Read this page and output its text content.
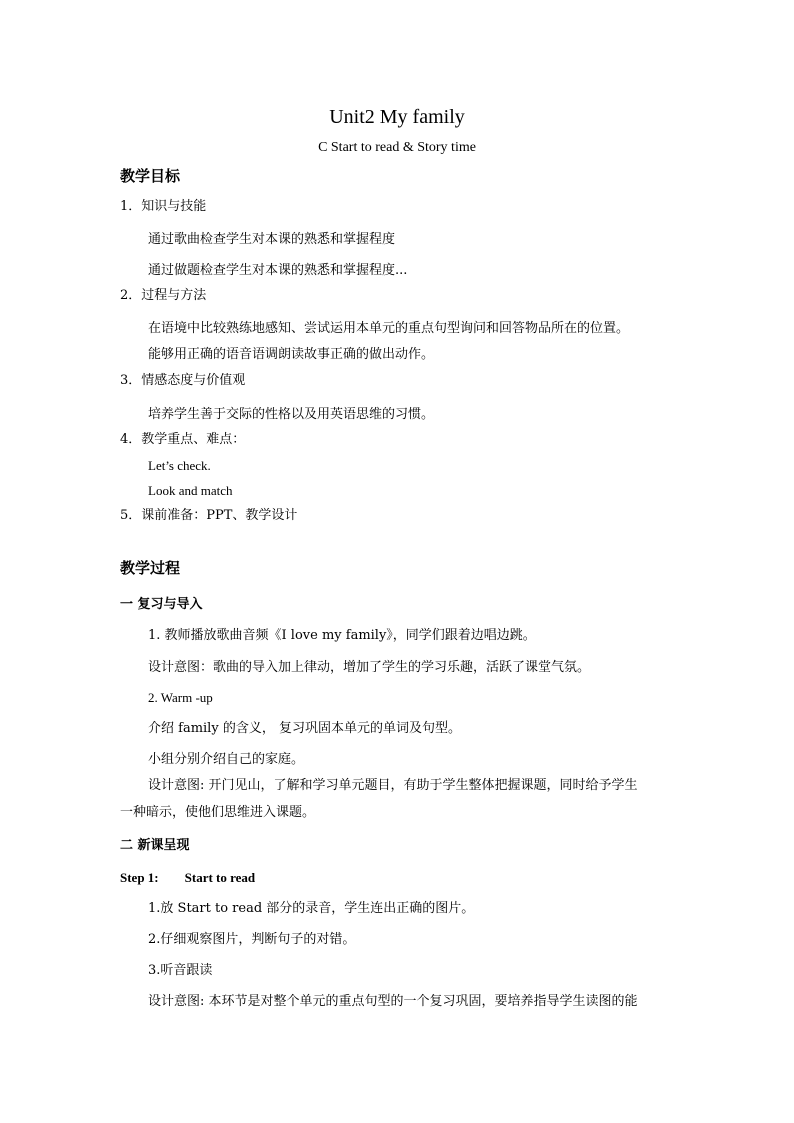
Unit2 My family
C Start to read & Story time
教学目标
1．知识与技能
通过歌曲检查学生对本课的熟悉和掌握程度
通过做题检查学生对本课的熟悉和掌握程度...
2．过程与方法
在语境中比较熟练地感知、尝试运用本单元的重点句型询问和回答物品所在的位置。
能够用正确的语音语调朗读故事正确的做出动作。
3．情感态度与价值观
培养学生善于交际的性格以及用英语思维的习惯。
4．教学重点、难点：
Let’s check.
Look and match
5．课前准备：PPT、教学设计
教学过程
一 复习与导入
1. 教师播放歌曲音频《I love my family》，同学们跟着边唱边跳。
设计意图：歌曲的导入加上律动，增加了学生的学习乐趣，活跃了课堂气氛。
2. Warm -up
介绍 family 的含义， 复习巩固本单元的单词及句型。
小组分别介绍自己的家庭。
设计意图: 开门见山，了解和学习单元题目，有助于学生整体把握课题，同时给予学生
一种暗示，使他们思维进入课题。
二 新课呈现
Step 1: Start to read
1.放 Start to read 部分的录音，学生连出正确的图片。
2.仔细观察图片，判断句子的对错。
3.听音跟读
设计意图: 本环节是对整个单元的重点句型的一个复习巩固，要培养指导学生读图的能
